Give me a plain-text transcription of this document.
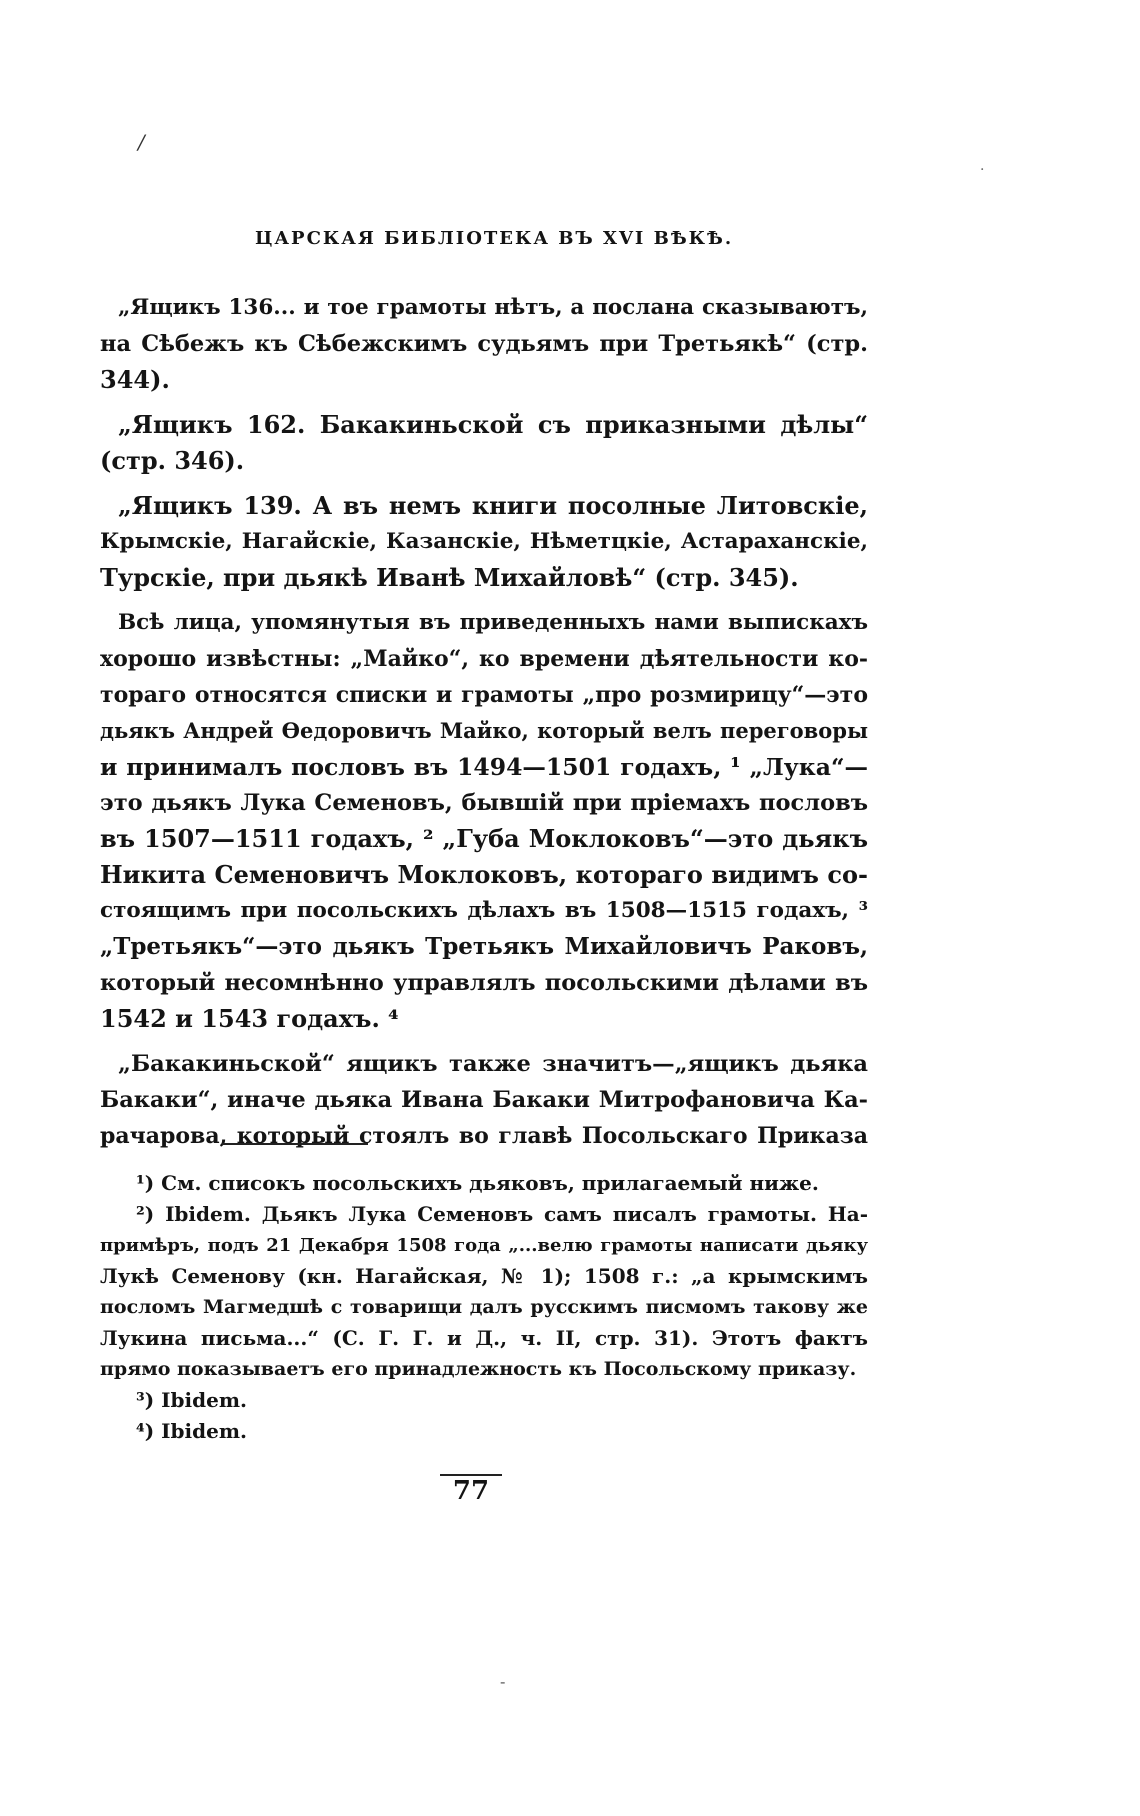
/
·
ЦАРСКАЯ БИБЛІОТЕКА ВЪ XVI ВѢКѢ.
„Ящикъ 136... и тое грамоты нѣтъ, а послана сказываютъ,
на Сѣбежъ къ Сѣбежскимъ судьямъ при Третьякѣ“ (стр.
344).
„Ящикъ 162. Бакакиньской съ приказными дѣлы“
(стр. 346).
„Ящикъ 139. А въ немъ книги посолные Литовскіе,
Крымскіе, Нагайскіе, Казанскіе, Нѣметцкіе, Астараханскіе,
Турскіе, при дьякѣ Иванѣ Михайловѣ“ (стр. 345).
Всѣ лица, упомянутыя въ приведенныхъ нами выпискахъ
хорошо извѣстны: „Майко“, ко времени дѣятельности ко-
тораго относятся списки и грамоты „про розмирицу“—это
дьякъ Андрей Ѳедоровичъ Майко, который велъ переговоры
и принималъ пословъ въ 1494—1501 годахъ, ¹ „Лука“—
это дьякъ Лука Семеновъ, бывшій при пріемахъ пословъ
въ 1507—1511 годахъ, ² „Губа Моклоковъ“—это дьякъ
Никита Семеновичъ Моклоковъ, котораго видимъ со-
стоящимъ при посольскихъ дѣлахъ въ 1508—1515 годахъ, ³
„Третьякъ“—это дьякъ Третьякъ Михайловичъ Раковъ,
который несомнѣнно управлялъ посольскими дѣлами въ
1542 и 1543 годахъ. ⁴
„Бакакиньской“ ящикъ также значитъ—„ящикъ дьяка
Бакаки“, иначе дьяка Ивана Бакаки Митрофановича Ка-
рачарова, который стоялъ во главѣ Посольскаго Приказа
¹) См. списокъ посольскихъ дьяковъ, прилагаемый ниже.
²) Ibidem. Дьякъ Лука Семеновъ самъ писалъ грамоты. На-
примѣръ, подъ 21 Декабря 1508 года „...велю грамоты написати дьяку
Лукѣ Семенову (кн. Нагайская, № 1); 1508 г.: „а крымскимъ
посломъ Магмедшѣ с товарищи далъ русскимъ писмомъ такову же
Лукина письма...“ (С. Г. Г. и Д., ч. II, стр. 31). Этотъ фактъ
прямо показываетъ его принадлежность къ Посольскому приказу.
³) Ibidem.
⁴) Ibidem.
77
-
